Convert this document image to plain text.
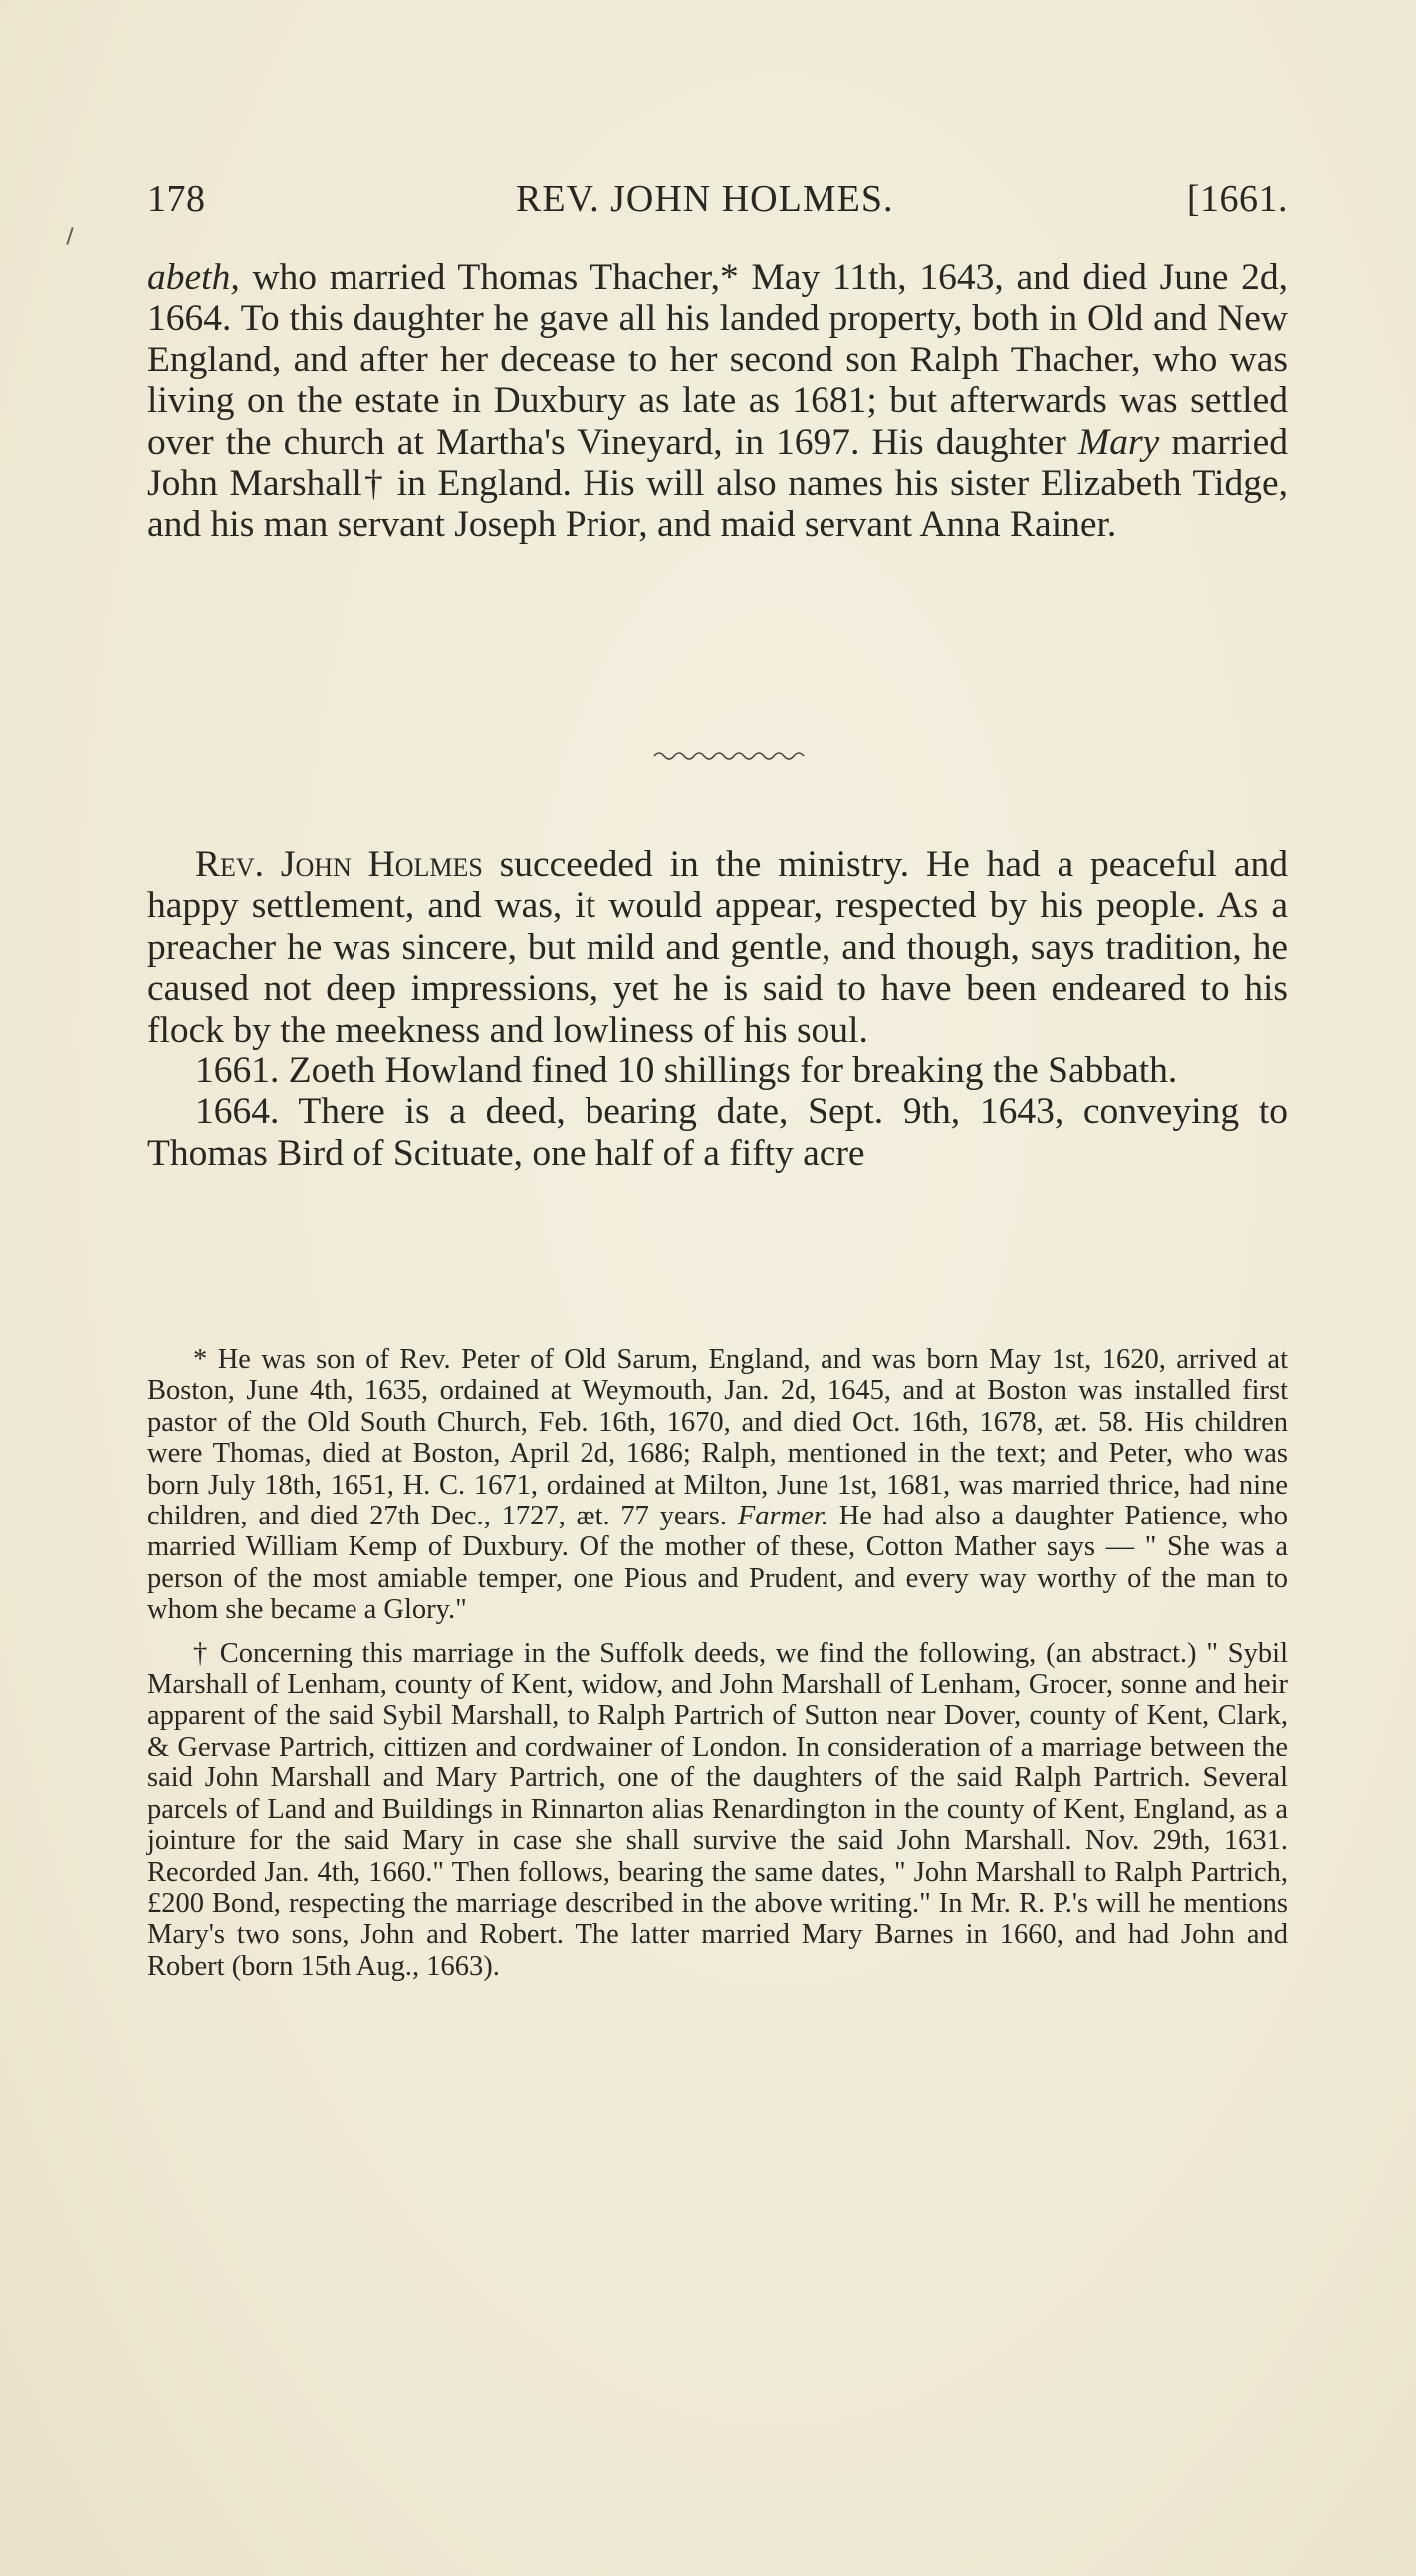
178	REV. JOHN HOLMES.	[1661.

abeth, who married Thomas Thacher,* May 11th, 1643, and died June 2d, 1664. To this daughter he gave all his landed property, both in Old and New England, and after her decease to her second son Ralph Thacher, who was living on the estate in Duxbury as late as 1681; but afterwards was settled over the church at Martha's Vineyard, in 1697. His daughter Mary married John Marshall† in England. His will also names his sister Elizabeth Tidge, and his man servant Joseph Prior, and maid servant Anna Rainer.

Rev. John Holmes succeeded in the ministry. He had a peaceful and happy settlement, and was, it would appear, respected by his people. As a preacher he was sincere, but mild and gentle, and though, says tradition, he caused not deep impressions, yet he is said to have been endeared to his flock by the meekness and lowliness of his soul.

1661. Zoeth Howland fined 10 shillings for breaking the Sabbath.

1664. There is a deed, bearing date, Sept. 9th, 1643, conveying to Thomas Bird of Scituate, one half of a fifty acre

* He was son of Rev. Peter of Old Sarum, England, and was born May 1st, 1620, arrived at Boston, June 4th, 1635, ordained at Weymouth, Jan. 2d, 1645, and at Boston was installed first pastor of the Old South Church, Feb. 16th, 1670, and died Oct. 16th, 1678, æt. 58. His children were Thomas, died at Boston, April 2d, 1686; Ralph, mentioned in the text; and Peter, who was born July 18th, 1651, H. C. 1671, ordained at Milton, June 1st, 1681, was married thrice, had nine children, and died 27th Dec., 1727, æt. 77 years. Farmer. He had also a daughter Patience, who married William Kemp of Duxbury. Of the mother of these, Cotton Mather says — " She was a person of the most amiable temper, one Pious and Prudent, and every way worthy of the man to whom she became a Glory."

† Concerning this marriage in the Suffolk deeds, we find the following, (an abstract.) " Sybil Marshall of Lenham, county of Kent, widow, and John Marshall of Lenham, Grocer, sonne and heir apparent of the said Sybil Marshall, to Ralph Partrich of Sutton near Dover, county of Kent, Clark, & Gervase Partrich, cittizen and cordwainer of London. In consideration of a marriage between the said John Marshall and Mary Partrich, one of the daughters of the said Ralph Partrich. Several parcels of Land and Buildings in Rinnarton alias Renardington in the county of Kent, England, as a jointure for the said Mary in case she shall survive the said John Marshall. Nov. 29th, 1631. Recorded Jan. 4th, 1660." Then follows, bearing the same dates, " John Marshall to Ralph Partrich, £200 Bond, respecting the marriage described in the above writing." In Mr. R. P.'s will he mentions Mary's two sons, John and Robert. The latter married Mary Barnes in 1660, and had John and Robert (born 15th Aug., 1663).
